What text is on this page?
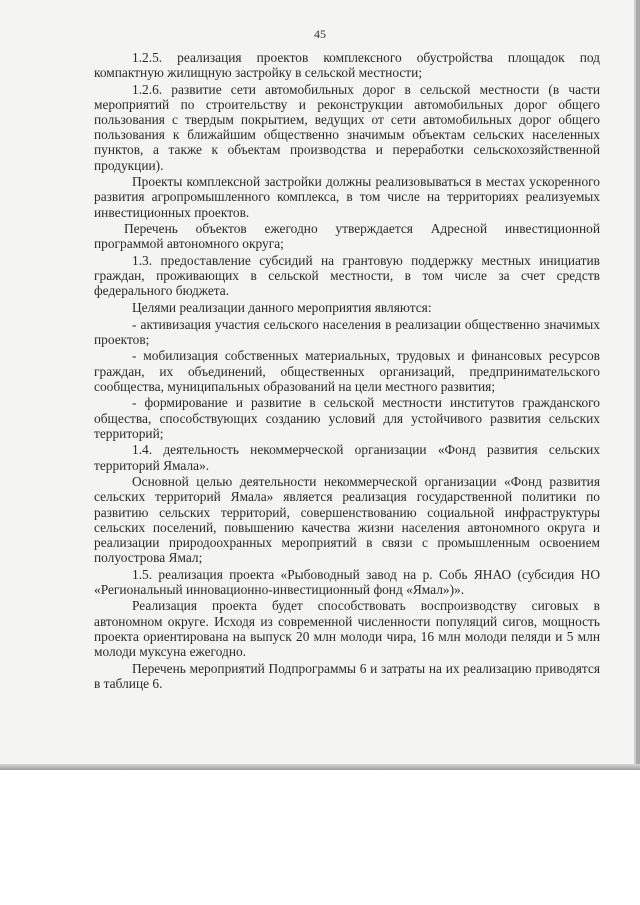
45

1.2.5. реализация проектов комплексного обустройства площадок под компактную жилищную застройку в сельской местности;

1.2.6. развитие сети автомобильных дорог в сельской местности (в части мероприятий по строительству и реконструкции автомобильных дорог общего пользования с твердым покрытием, ведущих от сети автомобильных дорог общего пользования к ближайшим общественно значимым объектам сельских населенных пунктов, а также к объектам производства и переработки сельскохозяйственной продукции).

Проекты комплексной застройки должны реализовываться в местах ускоренного развития агропромышленного комплекса, в том числе на территориях реализуемых инвестиционных проектов.

Перечень объектов ежегодно утверждается Адресной инвестиционной программой автономного округа;

1.3. предоставление субсидий на грантовую поддержку местных инициатив граждан, проживающих в сельской местности, в том числе за счет средств федерального бюджета.

Целями реализации данного мероприятия являются:

- активизация участия сельского населения в реализации общественно значимых проектов;

- мобилизация собственных материальных, трудовых и финансовых ресурсов граждан, их объединений, общественных организаций, предпринимательского сообщества, муниципальных образований на цели местного развития;

- формирование и развитие в сельской местности институтов гражданского общества, способствующих созданию условий для устойчивого развития сельских территорий;

1.4. деятельность некоммерческой организации «Фонд развития сельских территорий Ямала».

Основной целью деятельности некоммерческой организации «Фонд развития сельских территорий Ямала» является реализация государственной политики по развитию сельских территорий, совершенствованию социальной инфраструктуры сельских поселений, повышению качества жизни населения автономного округа и реализации природоохранных мероприятий в связи с промышленным освоением полуострова Ямал;

1.5. реализация проекта «Рыбоводный завод на р. Собь ЯНАО (субсидия НО «Региональный инновационно-инвестиционный фонд «Ямал»)».

Реализация проекта будет способствовать воспроизводству сиговых в автономном округе. Исходя из современной численности популяций сигов, мощность проекта ориентирована на выпуск 20 млн молоди чира, 16 млн молоди пеляди и 5 млн молоди муксуна ежегодно.

Перечень мероприятий Подпрограммы 6 и затраты на их реализацию приводятся в таблице 6.
